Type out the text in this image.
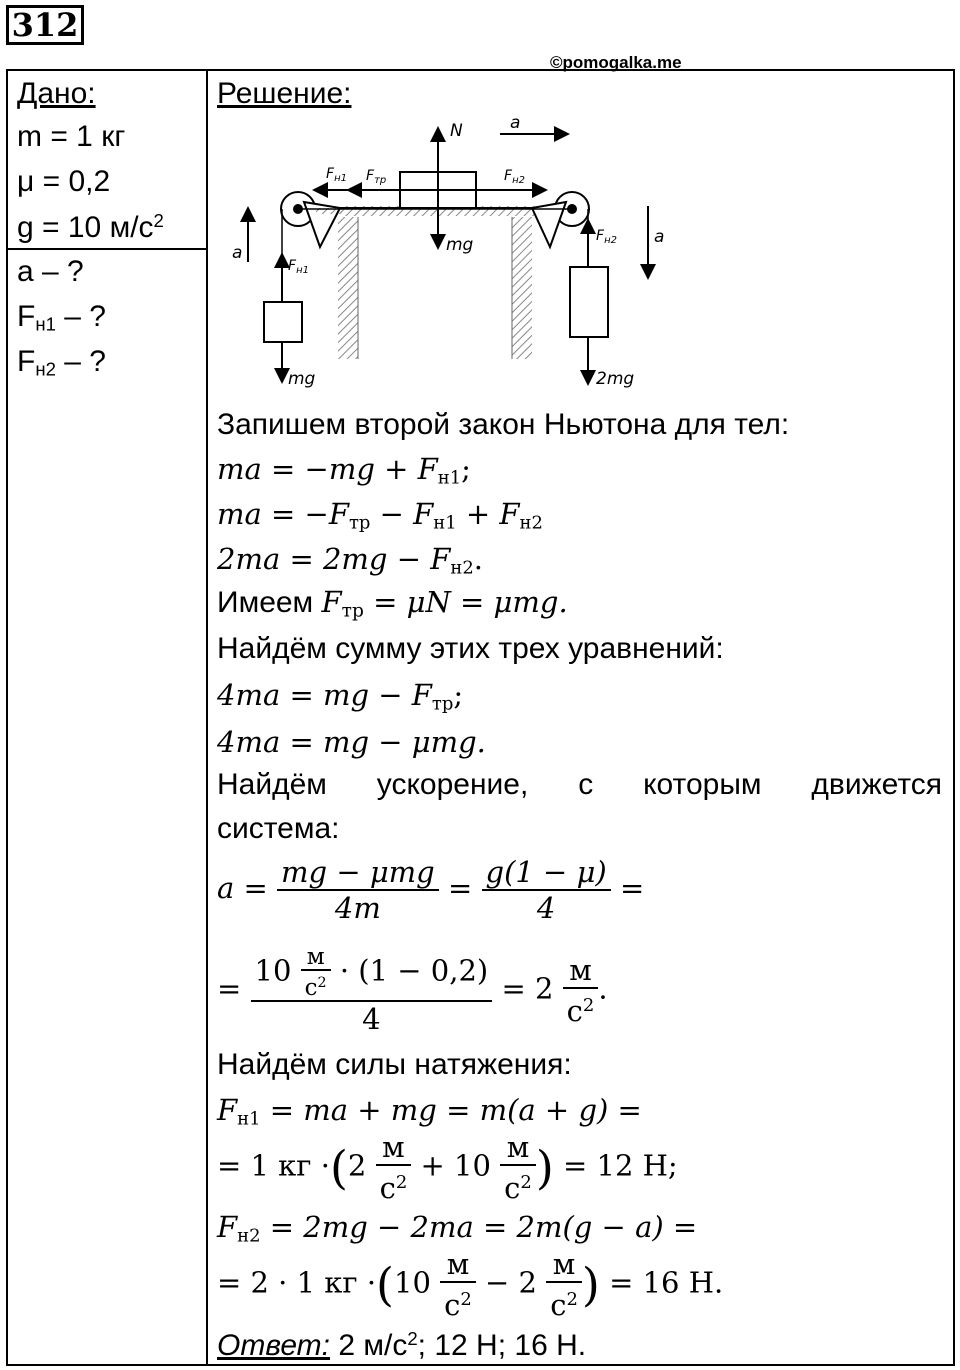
312
©pomogalka.me
Дано:
m = 1 кг
μ = 0,2
g = 10 $м/с^2$
a – ?
$F_{н1}$ – ?
$F_{н2}$ – ?
Решение:
N
mg
a
$F_{н1}$ $F_{тр}$	$F_{н2}$
$F_{н1}$
mg
a
$F_{н2}$
2mg
a
Запишем второй закон Ньютона для тел:
ma = $-mg + F_{н1}$;
ma = $-F_{тр} - F_{н1} + F_{н2}$
$2ma = 2mg - F_{н2}$.
Имеем $F_{тр} = \mu N = \mu mg$.
Найдём сумму этих трех уравнений:
4ma = mg − $F_{тр}$;
4ma = mg − μmg.
Найдём ускорение, с которым движется
система:
$a = \frac{\text{mg − μmg}}{4m} = \frac{g(1 - \mu)}{4}$ =
= $\frac{10 \frac{м}{с^2} \cdot (1 - 0,2)}{4} = 2 \frac{м}{с^2}$ .
Найдём силы натяжения:
$F_{н1}$ = ma + mg = m(a + g) =
= 1 кг $\cdot(2 \frac{м}{с^2} + 10 \frac{м}{с^2}$ ) = 12 Н;
$F_{н2} = 2mg - 2ma = 2m(g - a)$ =
= 2 · 1 кг $\cdot(10 \frac{м}{с^2} - 2 \frac{м}{с^2}$ ) = 16 Н.
Ответ: 2 $м/с^2$; 12 Н; 16 Н.
